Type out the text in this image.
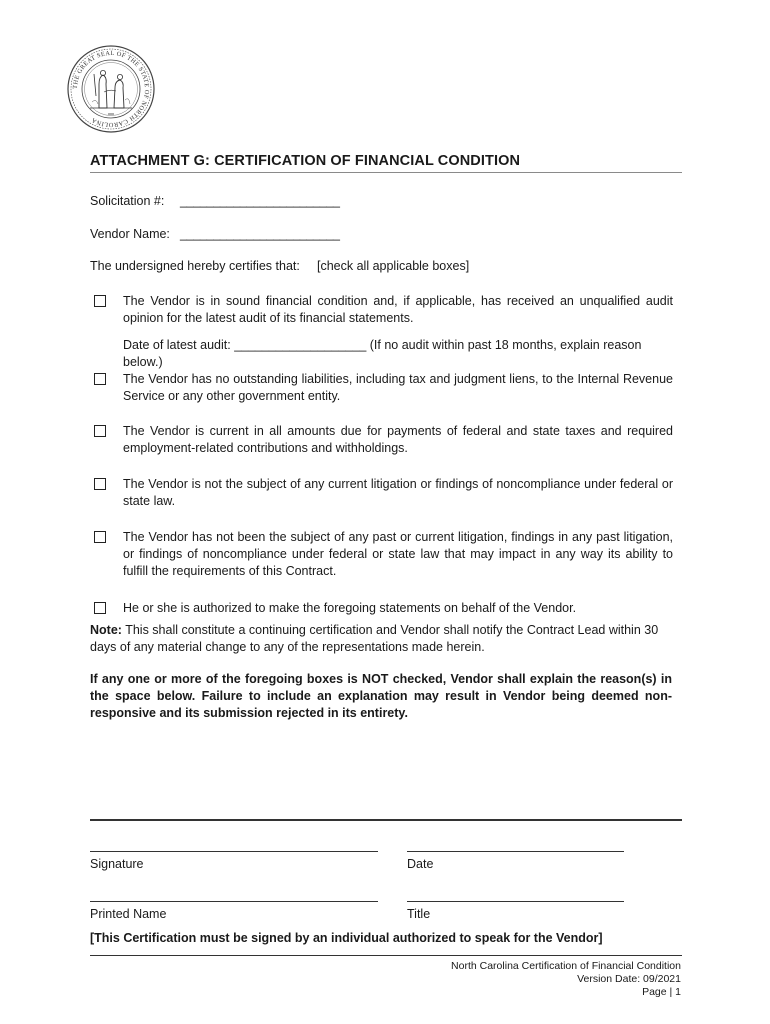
THE GREAT SEAL OF THE STATE OF NORTH CAROLINA
ATTACHMENT G: CERTIFICATION OF FINANCIAL CONDITION
Solicitation #: ________________________
Vendor Name: ________________________
The undersigned hereby certifies that: [check all applicable boxes]
The Vendor is in sound financial condition and, if applicable, has received an unqualified audit opinion for the latest audit of its financial statements.
Date of latest audit: ___________________ (If no audit within past 18 months, explain reason below.)
The Vendor has no outstanding liabilities, including tax and judgment liens, to the Internal Revenue Service or any other government entity.
The Vendor is current in all amounts due for payments of federal and state taxes and required employment-related contributions and withholdings.
The Vendor is not the subject of any current litigation or findings of noncompliance under federal or state law.
The Vendor has not been the subject of any past or current litigation, findings in any past litigation, or findings of noncompliance under federal or state law that may impact in any way its ability to fulfill the requirements of this Contract.
He or she is authorized to make the foregoing statements on behalf of the Vendor.
Note: This shall constitute a continuing certification and Vendor shall notify the Contract Lead within 30 days of any material change to any of the representations made herein.
If any one or more of the foregoing boxes is NOT checked, Vendor shall explain the reason(s) in the space below. Failure to include an explanation may result in Vendor being deemed non-responsive and its submission rejected in its entirety.
Signature	Date
Printed Name	Title
[This Certification must be signed by an individual authorized to speak for the Vendor]
North Carolina Certification of Financial Condition
Version Date: 09/2021
Page | 1
